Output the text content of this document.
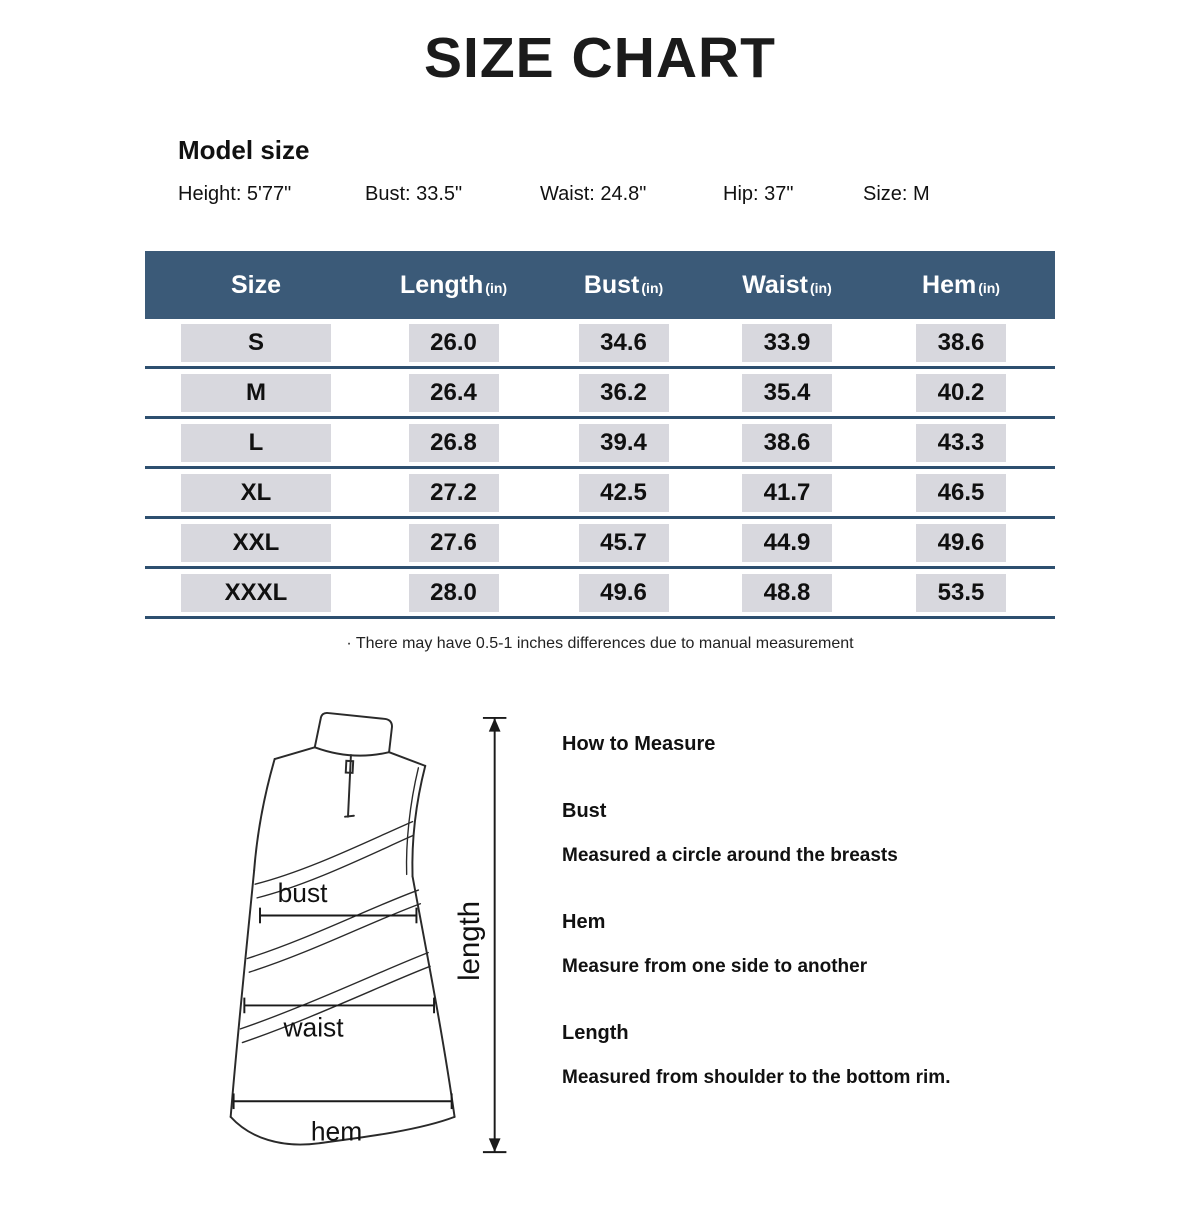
SIZE CHART
Model size
Height: 5'77"	Bust: 33.5"	Waist: 24.8"	Hip: 37"	Size: M
Size	Length (in)	Bust (in)	Waist (in)	Hem (in)
S	26.0	34.6	33.9	38.6
M	26.4	36.2	35.4	40.2
L	26.8	39.4	38.6	43.3
XL	27.2	42.5	41.7	46.5
XXL	27.6	45.7	44.9	49.6
XXXL	28.0	49.6	48.8	53.5

· There may have 0.5-1 inches differences due to manual measurement

bust
waist
hem
length
How to Measure
Bust
Measured a circle around the breasts
Hem
Measure from one side to another
Length
Measured from shoulder to the bottom rim.
